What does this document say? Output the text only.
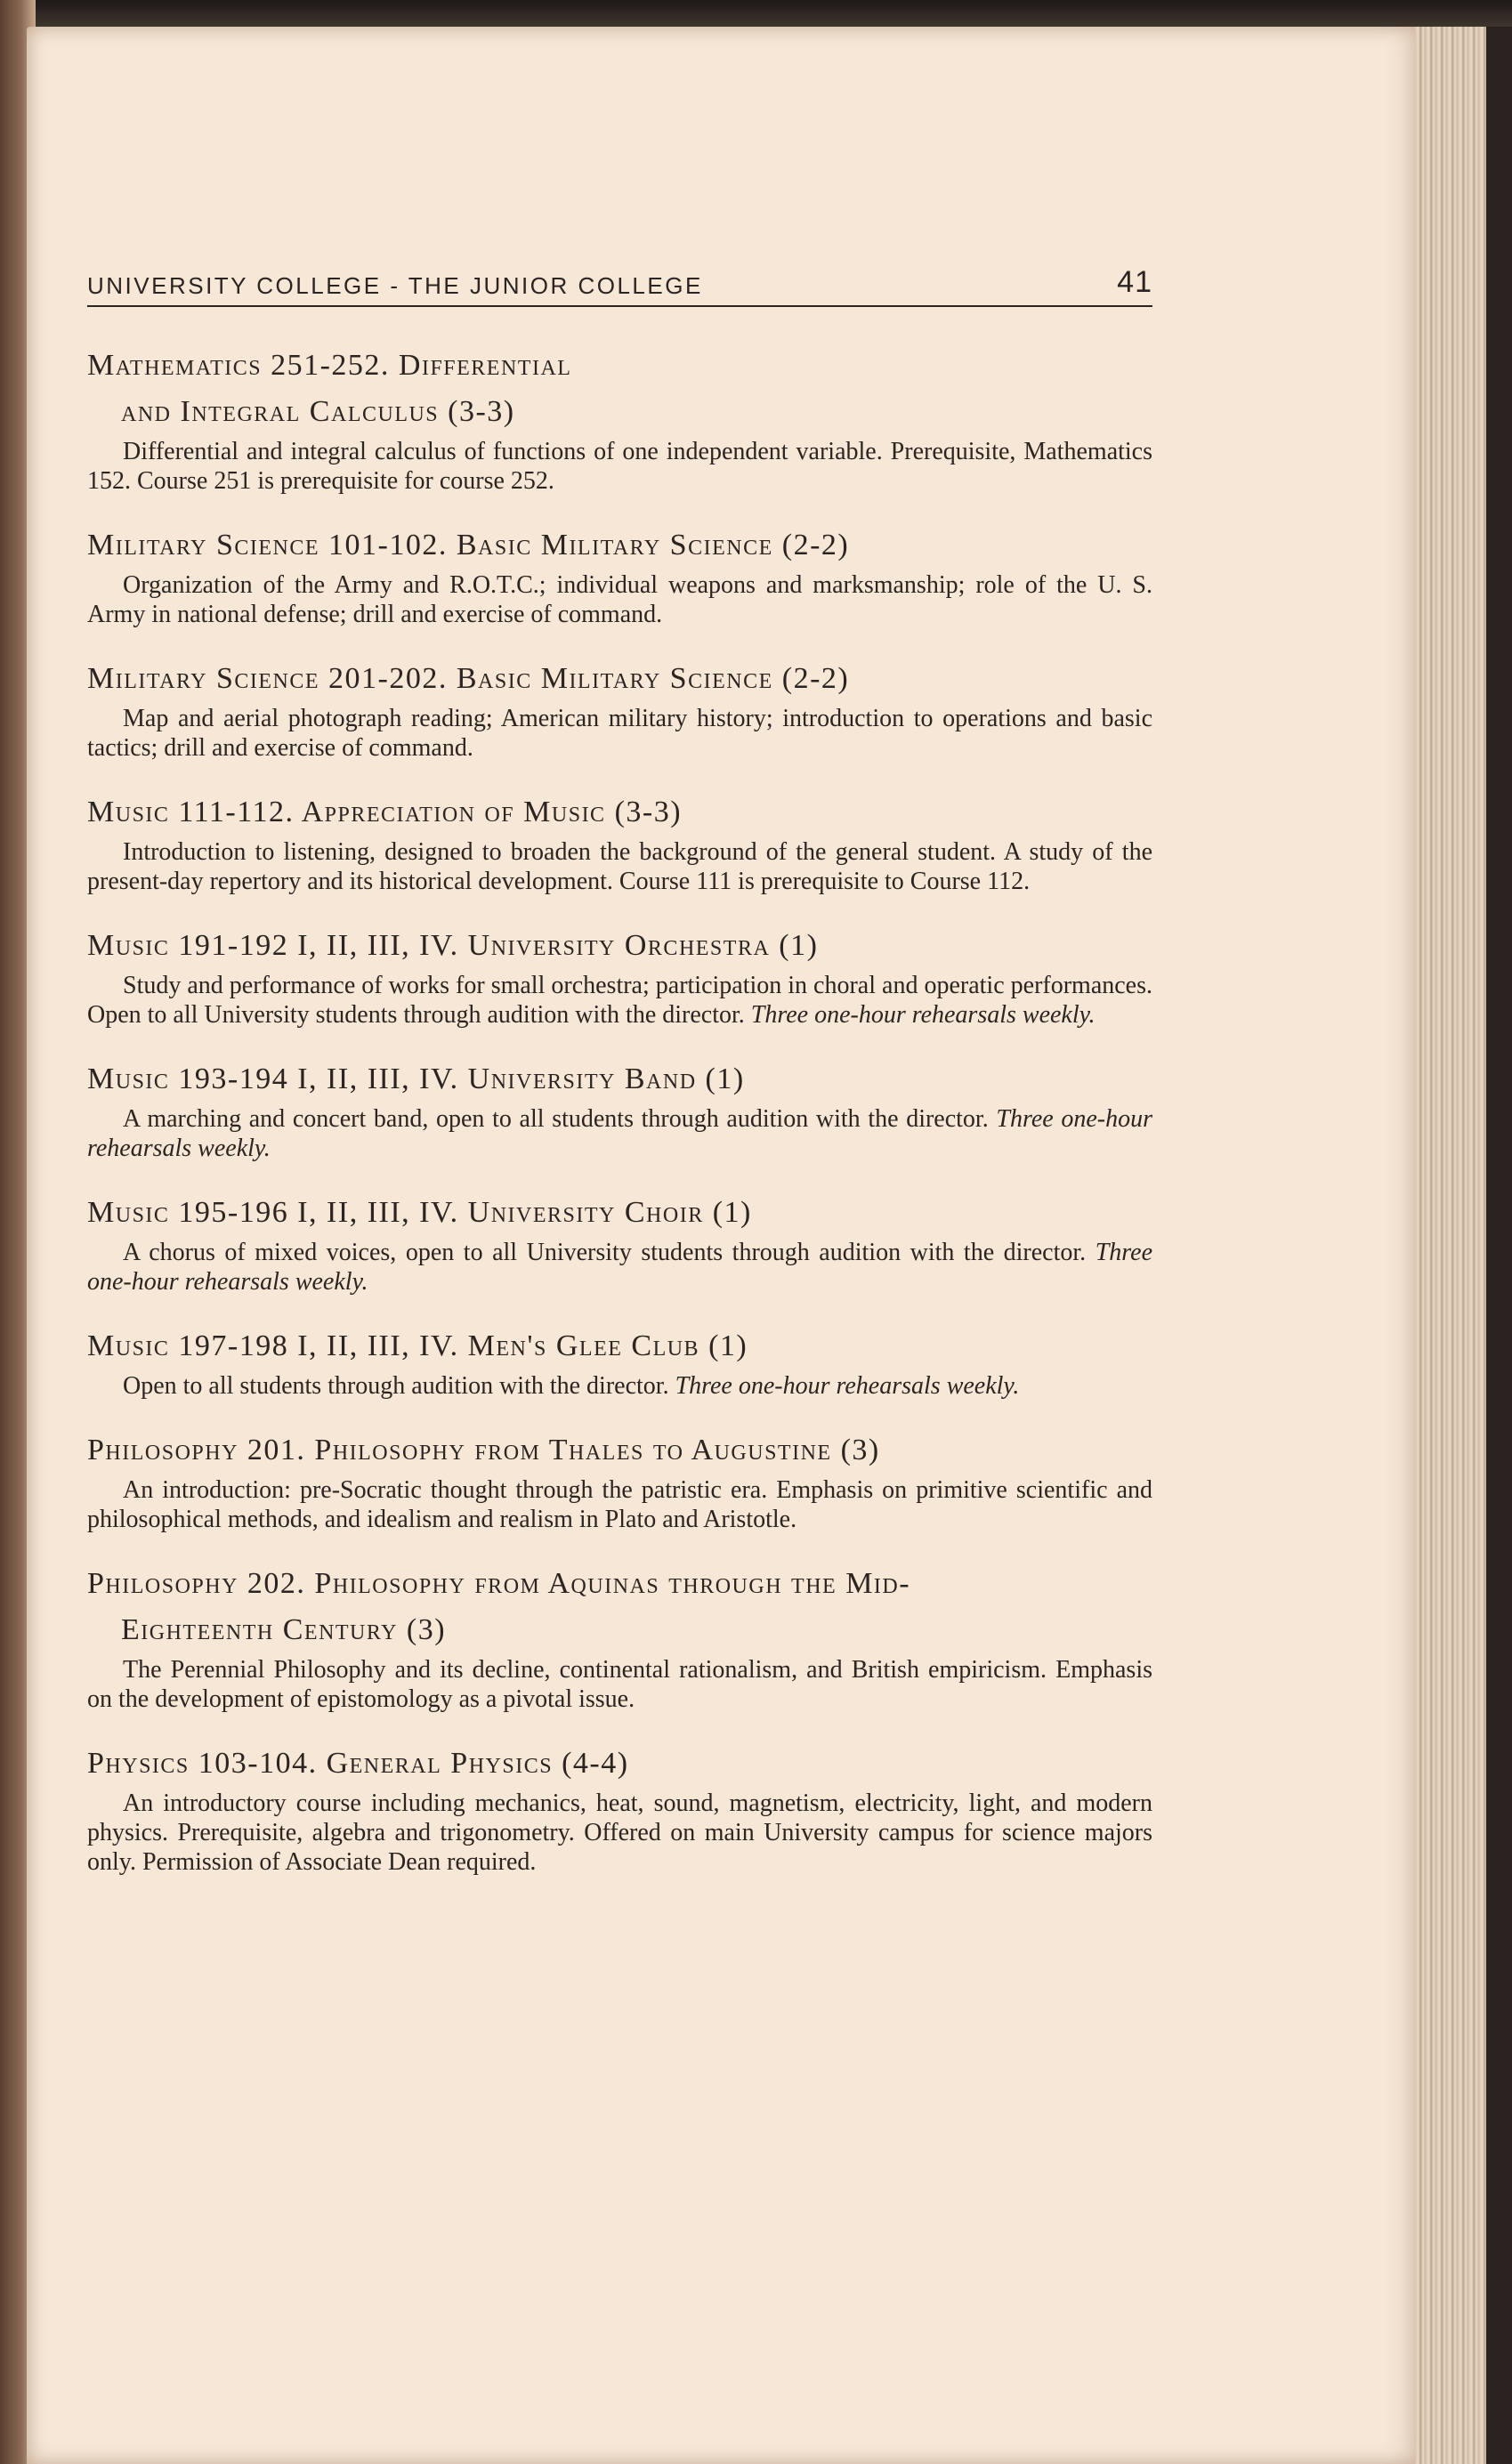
UNIVERSITY COLLEGE - THE JUNIOR COLLEGE	41
Mathematics 251-252. Differential
and Integral Calculus (3-3)
Differential and integral calculus of functions of one independent variable. Prerequisite, Mathematics 152. Course 251 is prerequisite for course 252.
Military Science 101-102. Basic Military Science (2-2)
Organization of the Army and R.O.T.C.; individual weapons and marksmanship; role of the U. S. Army in national defense; drill and exercise of command.
Military Science 201-202. Basic Military Science (2-2)
Map and aerial photograph reading; American military history; introduction to operations and basic tactics; drill and exercise of command.
Music 111-112. Appreciation of Music (3-3)
Introduction to listening, designed to broaden the background of the general student. A study of the present-day repertory and its historical development. Course 111 is prerequisite to Course 112.
Music 191-192 I, II, III, IV. University Orchestra (1)
Study and performance of works for small orchestra; participation in choral and operatic performances. Open to all University students through audition with the director. Three one-hour rehearsals weekly.
Music 193-194 I, II, III, IV. University Band (1)
A marching and concert band, open to all students through audition with the director. Three one-hour rehearsals weekly.
Music 195-196 I, II, III, IV. University Choir (1)
A chorus of mixed voices, open to all University students through audition with the director. Three one-hour rehearsals weekly.
Music 197-198 I, II, III, IV. Men's Glee Club (1)
Open to all students through audition with the director. Three one-hour rehearsals weekly.
Philosophy 201. Philosophy from Thales to Augustine (3)
An introduction: pre-Socratic thought through the patristic era. Emphasis on primitive scientific and philosophical methods, and idealism and realism in Plato and Aristotle.
Philosophy 202. Philosophy from Aquinas through the Mid-
Eighteenth Century (3)
The Perennial Philosophy and its decline, continental rationalism, and British empiricism. Emphasis on the development of epistomology as a pivotal issue.
Physics 103-104. General Physics (4-4)
An introductory course including mechanics, heat, sound, magnetism, electricity, light, and modern physics. Prerequisite, algebra and trigonometry. Offered on main University campus for science majors only. Permission of Associate Dean required.
